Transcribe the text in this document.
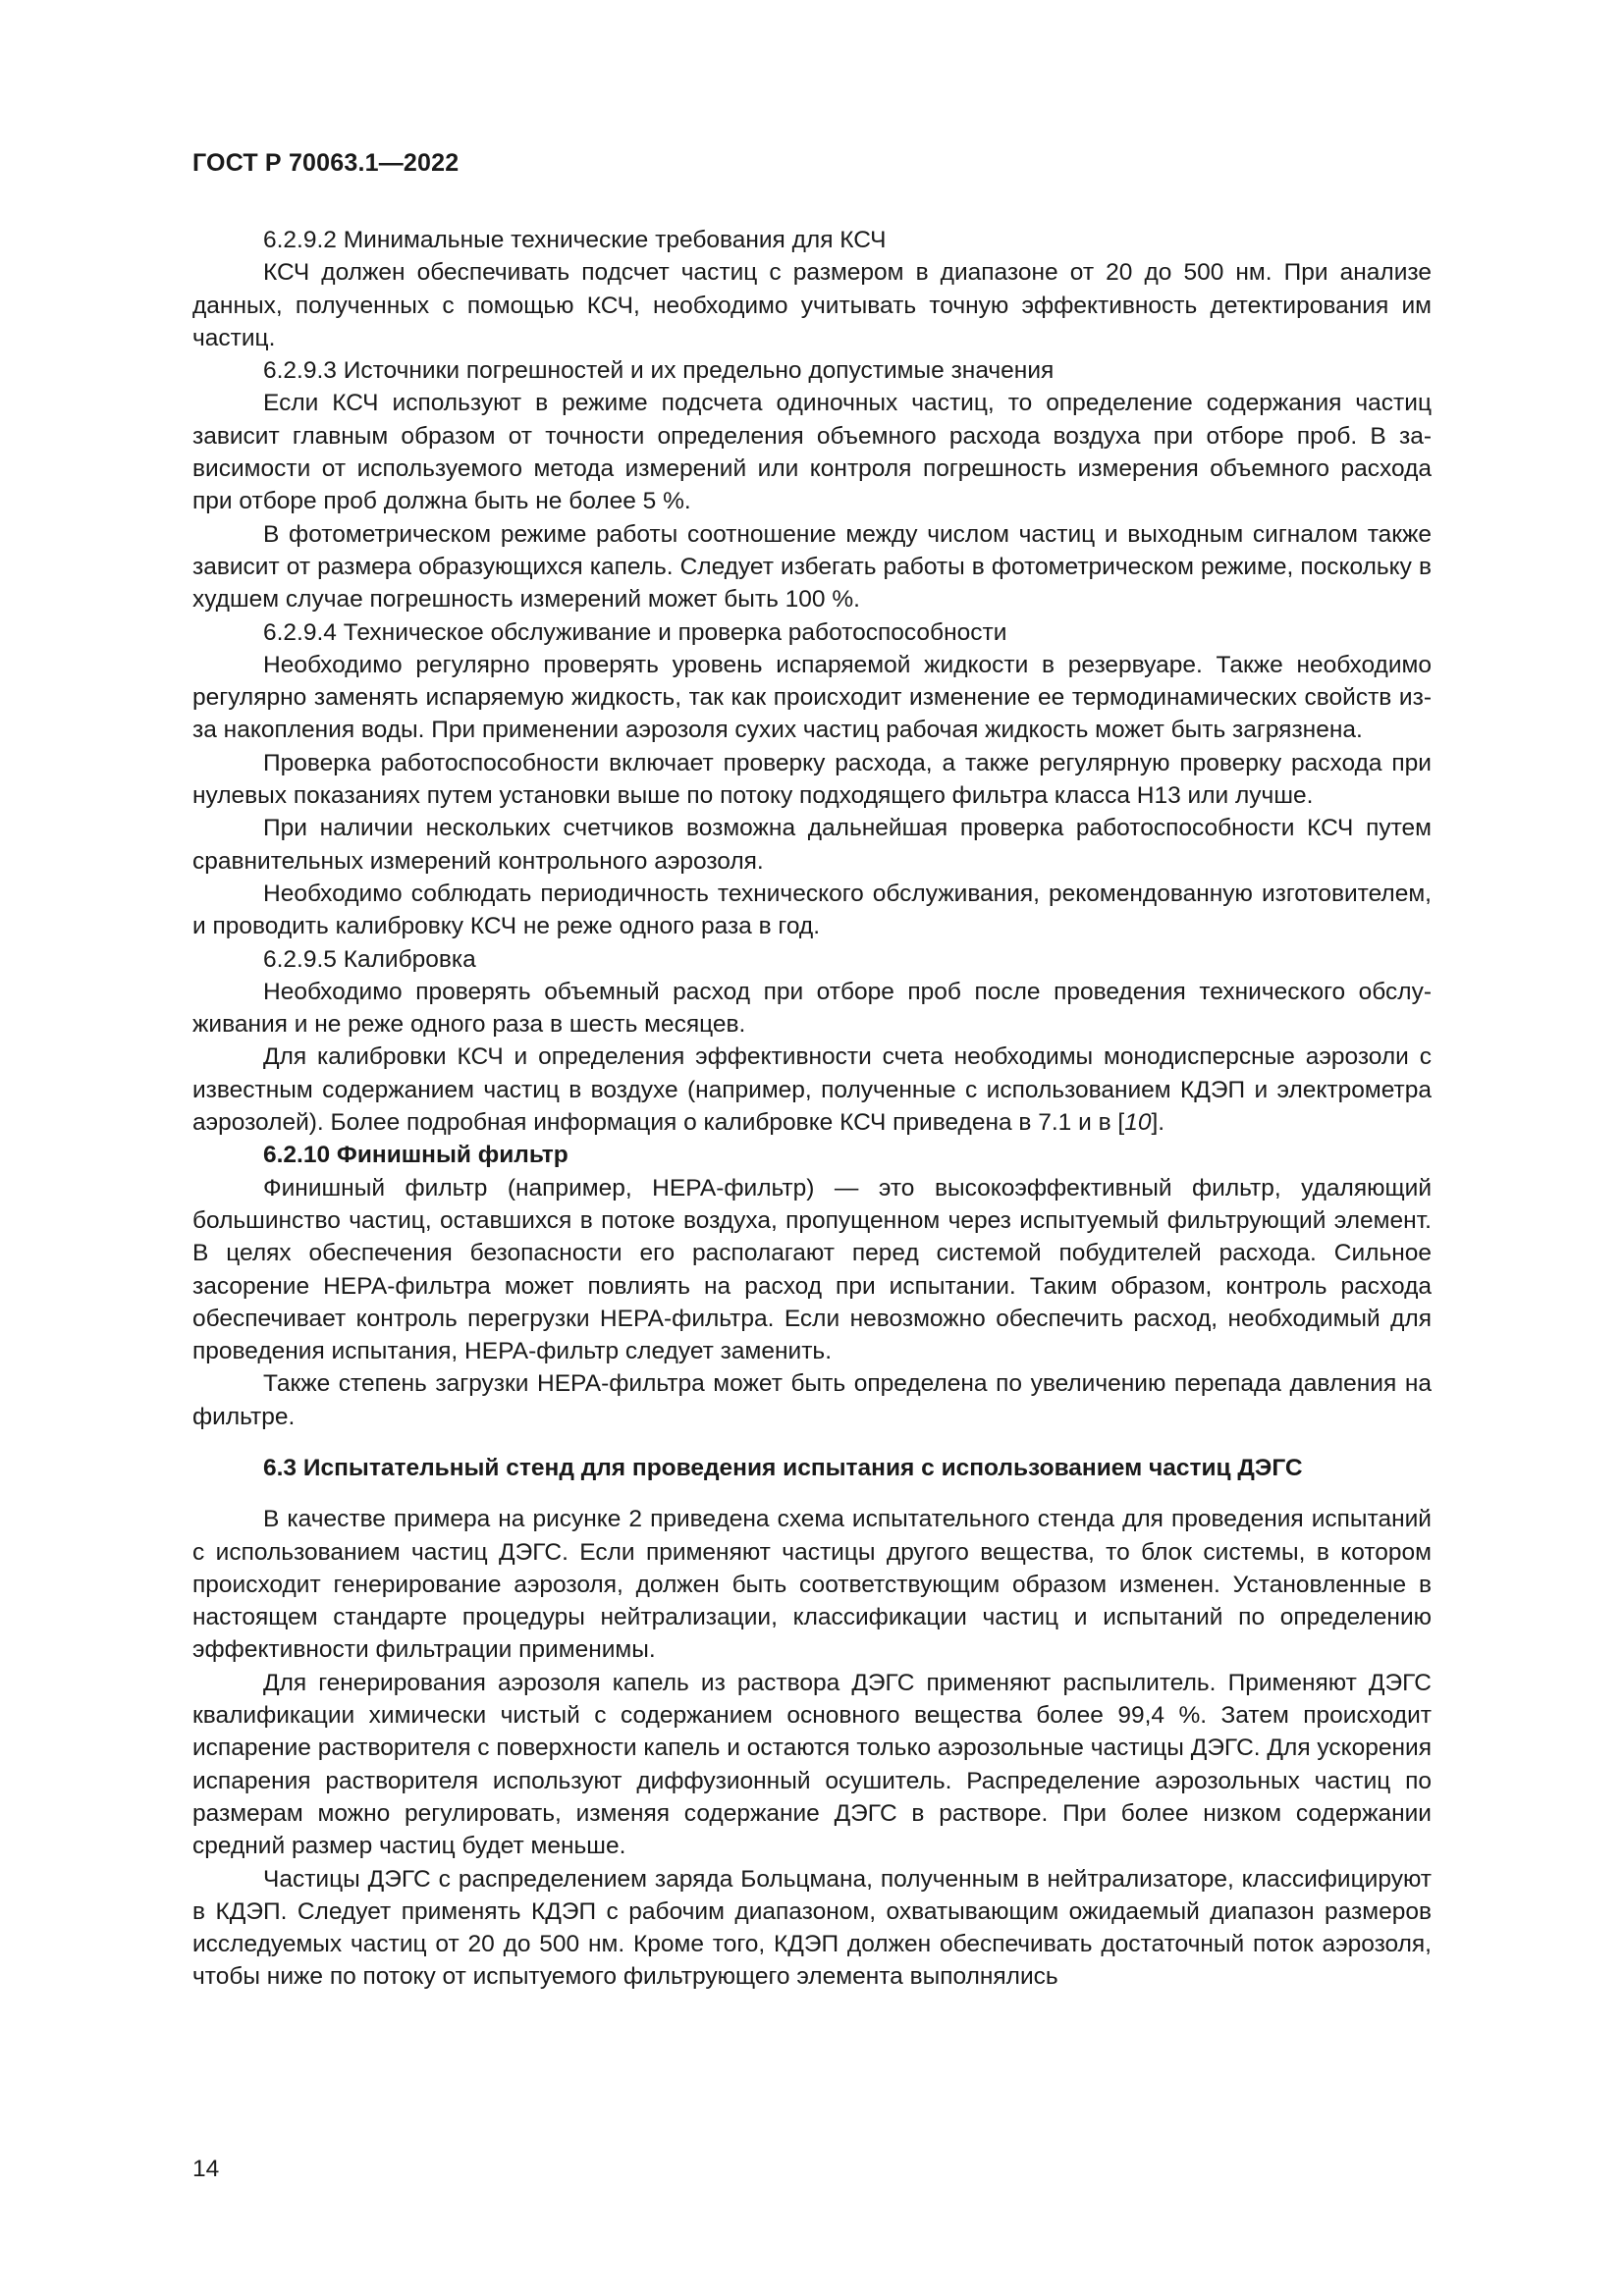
ГОСТ Р 70063.1—2022

6.2.9.2 Минимальные технические требования для КСЧ

КСЧ должен обеспечивать подсчет частиц с размером в диапазоне от 20 до 500 нм. При анализе данных, полученных с помощью КСЧ, необходимо учитывать точную эффективность детектирования им частиц.

6.2.9.3 Источники погрешностей и их предельно допустимые значения

Если КСЧ используют в режиме подсчета одиночных частиц, то определение содержания частиц зависит главным образом от точности определения объемного расхода воздуха при отборе проб. В зависимости от используемого метода измерений или контроля погрешность измерения объемного расхода при отборе проб должна быть не более 5 %.

В фотометрическом режиме работы соотношение между числом частиц и выходным сигналом также зависит от размера образующихся капель. Следует избегать работы в фотометрическом режиме, поскольку в худшем случае погрешность измерений может быть 100 %.

6.2.9.4 Техническое обслуживание и проверка работоспособности

Необходимо регулярно проверять уровень испаряемой жидкости в резервуаре. Также необходимо регулярно заменять испаряемую жидкость, так как происходит изменение ее термодинамических свойств из-за накопления воды. При применении аэрозоля сухих частиц рабочая жидкость может быть загрязнена.

Проверка работоспособности включает проверку расхода, а также регулярную проверку расхода при нулевых показаниях путем установки выше по потоку подходящего фильтра класса Н13 или лучше.

При наличии нескольких счетчиков возможна дальнейшая проверка работоспособности КСЧ путем сравнительных измерений контрольного аэрозоля.

Необходимо соблюдать периодичность технического обслуживания, рекомендованную изготовителем, и проводить калибровку КСЧ не реже одного раза в год.

6.2.9.5 Калибровка

Необходимо проверять объемный расход при отборе проб после проведения технического обслуживания и не реже одного раза в шесть месяцев.

Для калибровки КСЧ и определения эффективности счета необходимы монодисперсные аэрозоли с известным содержанием частиц в воздухе (например, полученные с использованием КДЭП и электрометра аэрозолей). Более подробная информация о калибровке КСЧ приведена в 7.1 и в [10].

6.2.10 Финишный фильтр

Финишный фильтр (например, НЕРА-фильтр) — это высокоэффективный фильтр, удаляющий большинство частиц, оставшихся в потоке воздуха, пропущенном через испытуемый фильтрующий элемент. В целях обеспечения безопасности его располагают перед системой побудителей расхода. Сильное засорение НЕРА-фильтра может повлиять на расход при испытании. Таким образом, контроль расхода обеспечивает контроль перегрузки НЕРА-фильтра. Если невозможно обеспечить расход, необходимый для проведения испытания, НЕРА-фильтр следует заменить.

Также степень загрузки НЕРА-фильтра может быть определена по увеличению перепада давления на фильтре.

6.3 Испытательный стенд для проведения испытания с использованием частиц ДЭГС

В качестве примера на рисунке 2 приведена схема испытательного стенда для проведения испытаний с использованием частиц ДЭГС. Если применяют частицы другого вещества, то блок системы, в котором происходит генерирование аэрозоля, должен быть соответствующим образом изменен. Установленные в настоящем стандарте процедуры нейтрализации, классификации частиц и испытаний по определению эффективности фильтрации применимы.

Для генерирования аэрозоля капель из раствора ДЭГС применяют распылитель. Применяют ДЭГС квалификации химически чистый с содержанием основного вещества более 99,4 %. Затем происходит испарение растворителя с поверхности капель и остаются только аэрозольные частицы ДЭГС. Для ускорения испарения растворителя используют диффузионный осушитель. Распределение аэрозольных частиц по размерам можно регулировать, изменяя содержание ДЭГС в растворе. При более низком содержании средний размер частиц будет меньше.

Частицы ДЭГС с распределением заряда Больцмана, полученным в нейтрализаторе, классифицируют в КДЭП. Следует применять КДЭП с рабочим диапазоном, охватывающим ожидаемый диапазон размеров исследуемых частиц от 20 до 500 нм. Кроме того, КДЭП должен обеспечивать достаточный поток аэрозоля, чтобы ниже по потоку от испытуемого фильтрующего элемента выполнялись

14
